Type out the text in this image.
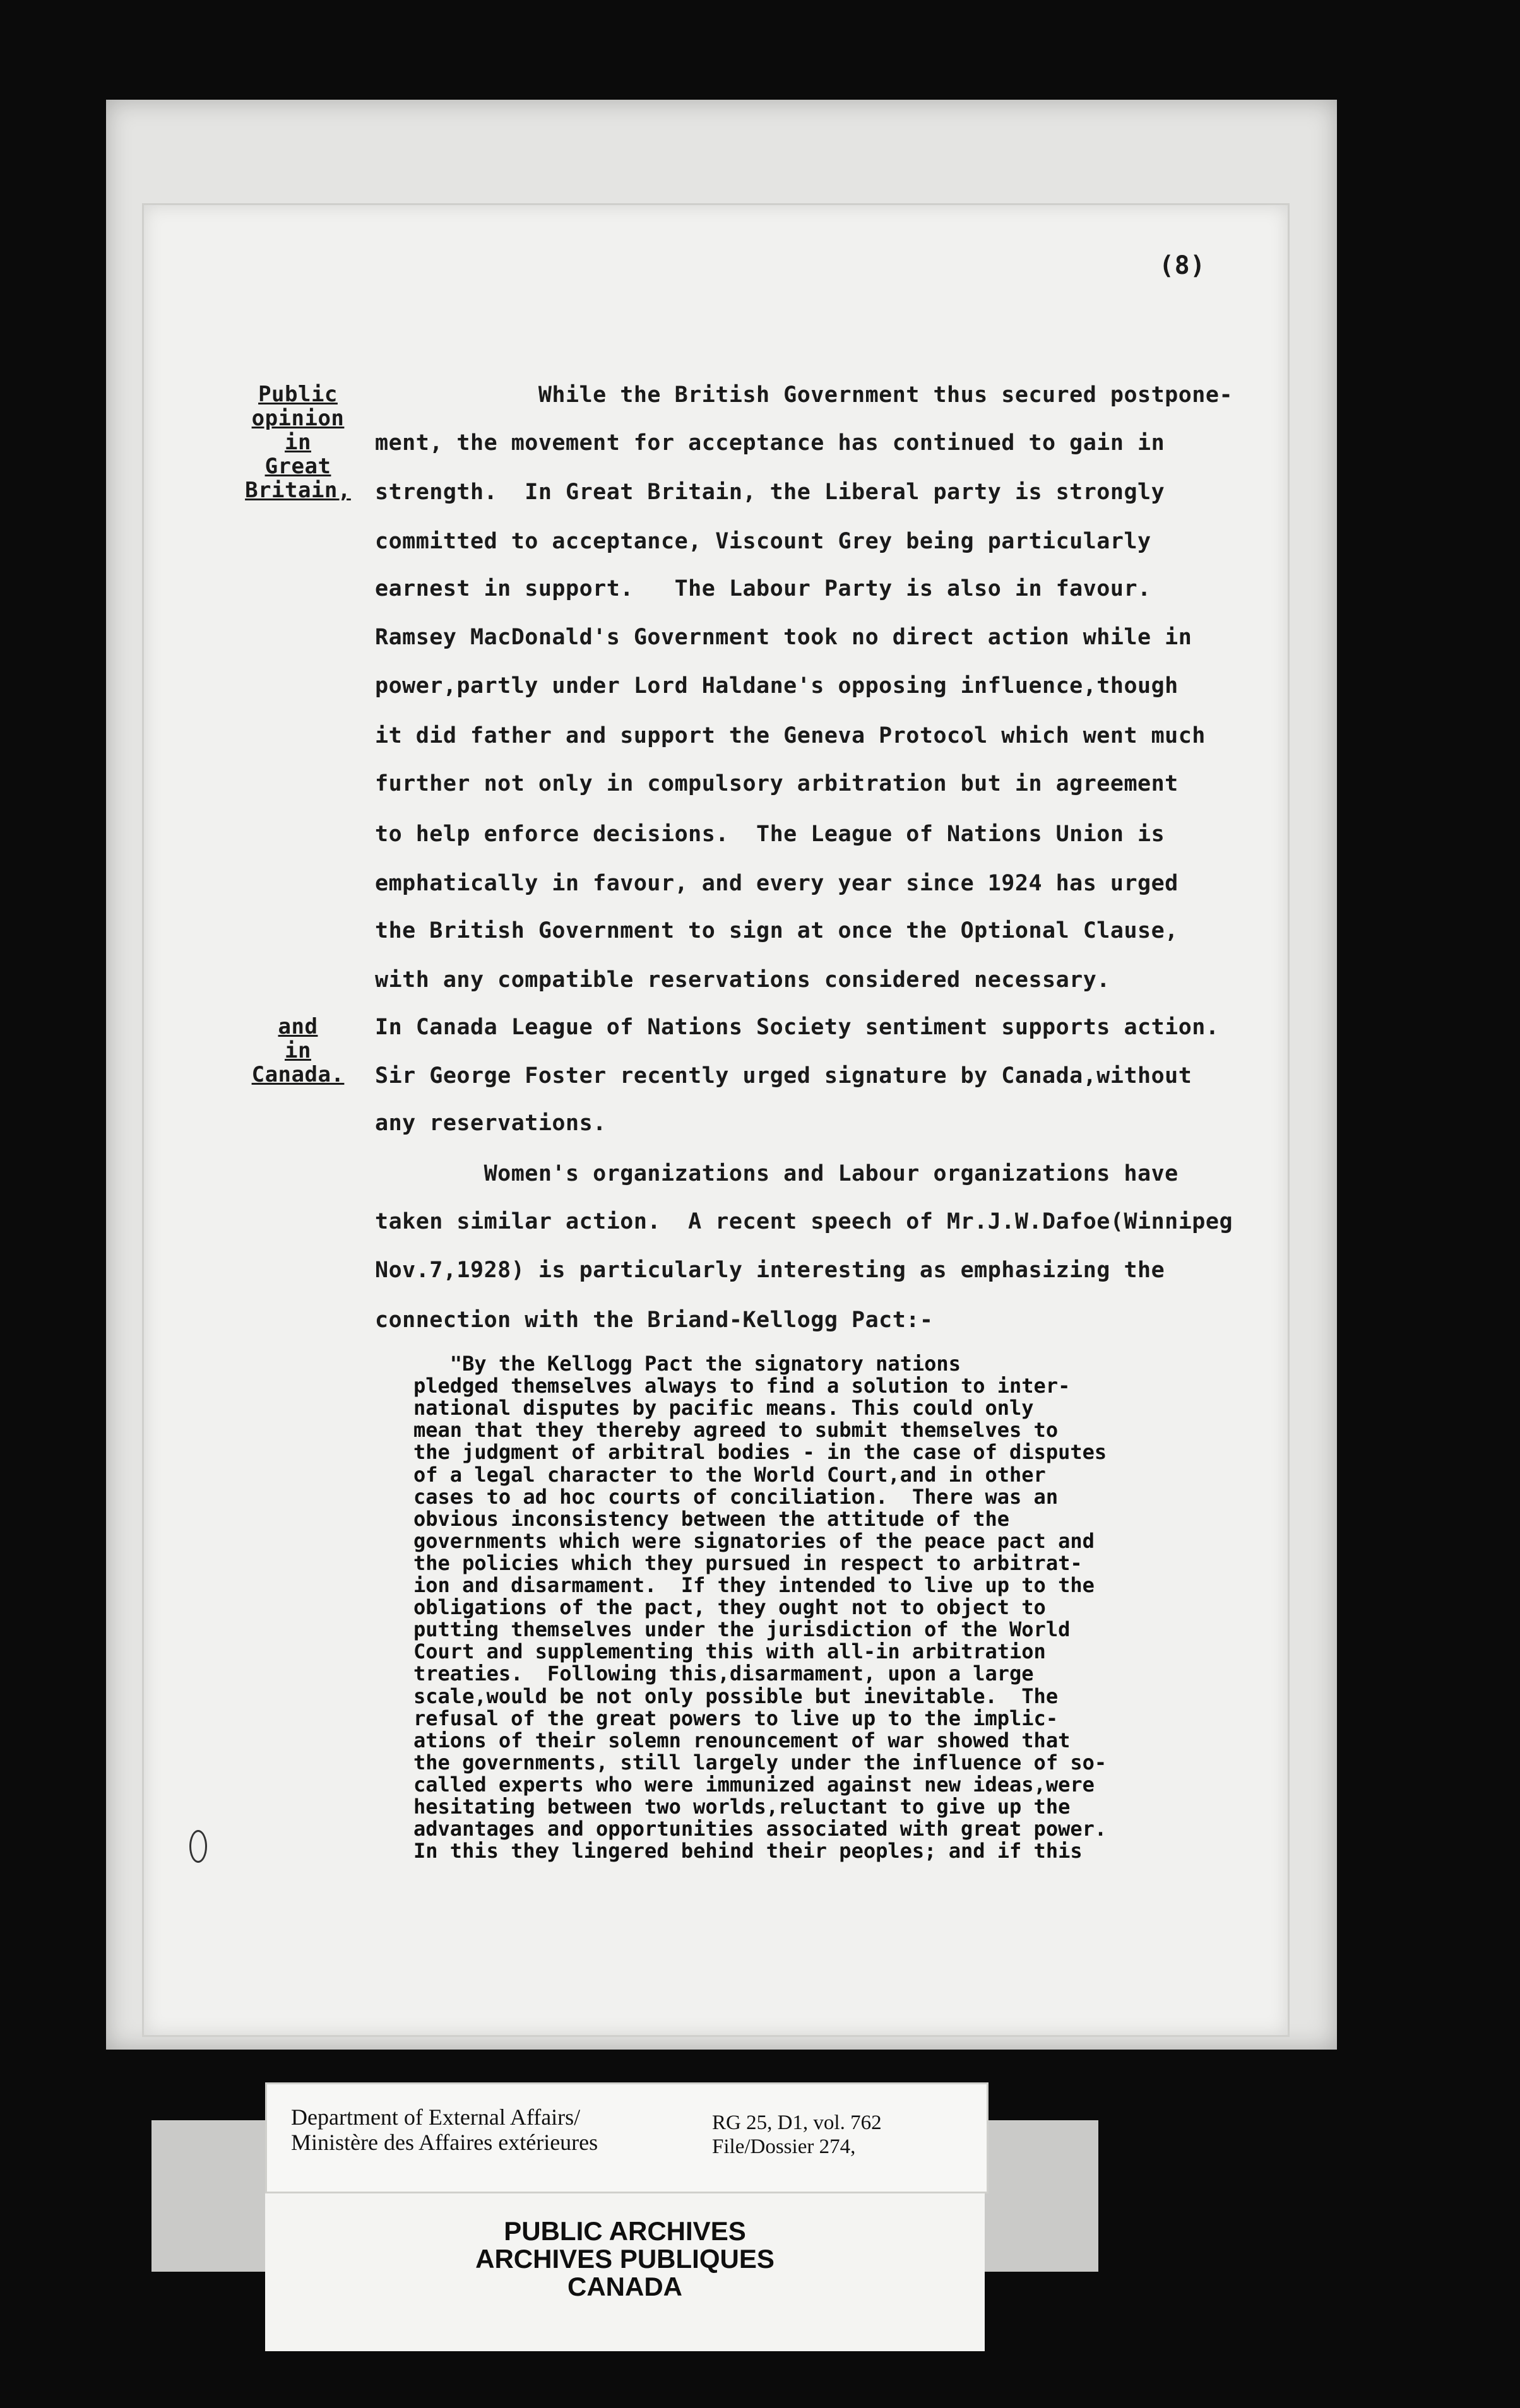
(8)
Public
opinion
in
Great
Britain,
and
in
Canada.
While the British Government thus secured postpone-
ment, the movement for acceptance has continued to gain in
strength.  In Great Britain, the Liberal party is strongly
committed to acceptance, Viscount Grey being particularly
earnest in support.   The Labour Party is also in favour.
Ramsey MacDonald's Government took no direct action while in
power,partly under Lord Haldane's opposing influence,though
it did father and support the Geneva Protocol which went much
further not only in compulsory arbitration but in agreement
to help enforce decisions.  The League of Nations Union is
emphatically in favour, and every year since 1924 has urged
the British Government to sign at once the Optional Clause,
with any compatible reservations considered necessary.
In Canada League of Nations Society sentiment supports action.
Sir George Foster recently urged signature by Canada,without
any reservations.
Women's organizations and Labour organizations have
taken similar action.  A recent speech of Mr.J.W.Dafoe(Winnipeg
Nov.7,1928) is particularly interesting as emphasizing the
connection with the Briand-Kellogg Pact:-
"By the Kellogg Pact the signatory nations
pledged themselves always to find a solution to inter-
national disputes by pacific means. This could only
mean that they thereby agreed to submit themselves to
the judgment of arbitral bodies - in the case of disputes
of a legal character to the World Court,and in other
cases to ad hoc courts of conciliation.  There was an
obvious inconsistency between the attitude of the
governments which were signatories of the peace pact and
the policies which they pursued in respect to arbitrat-
ion and disarmament.  If they intended to live up to the
obligations of the pact, they ought not to object to
putting themselves under the jurisdiction of the World
Court and supplementing this with all-in arbitration
treaties.  Following this,disarmament, upon a large
scale,would be not only possible but inevitable.  The
refusal of the great powers to live up to the implic-
ations of their solemn renouncement of war showed that
the governments, still largely under the influence of so-
called experts who were immunized against new ideas,were
hesitating between two worlds,reluctant to give up the
advantages and opportunities associated with great power.
In this they lingered behind their peoples; and if this
Department of External Affairs/
Ministère des Affaires extérieures
RG 25, D1, vol. 762
File/Dossier 274,
PUBLIC ARCHIVES
ARCHIVES PUBLIQUES
CANADA
